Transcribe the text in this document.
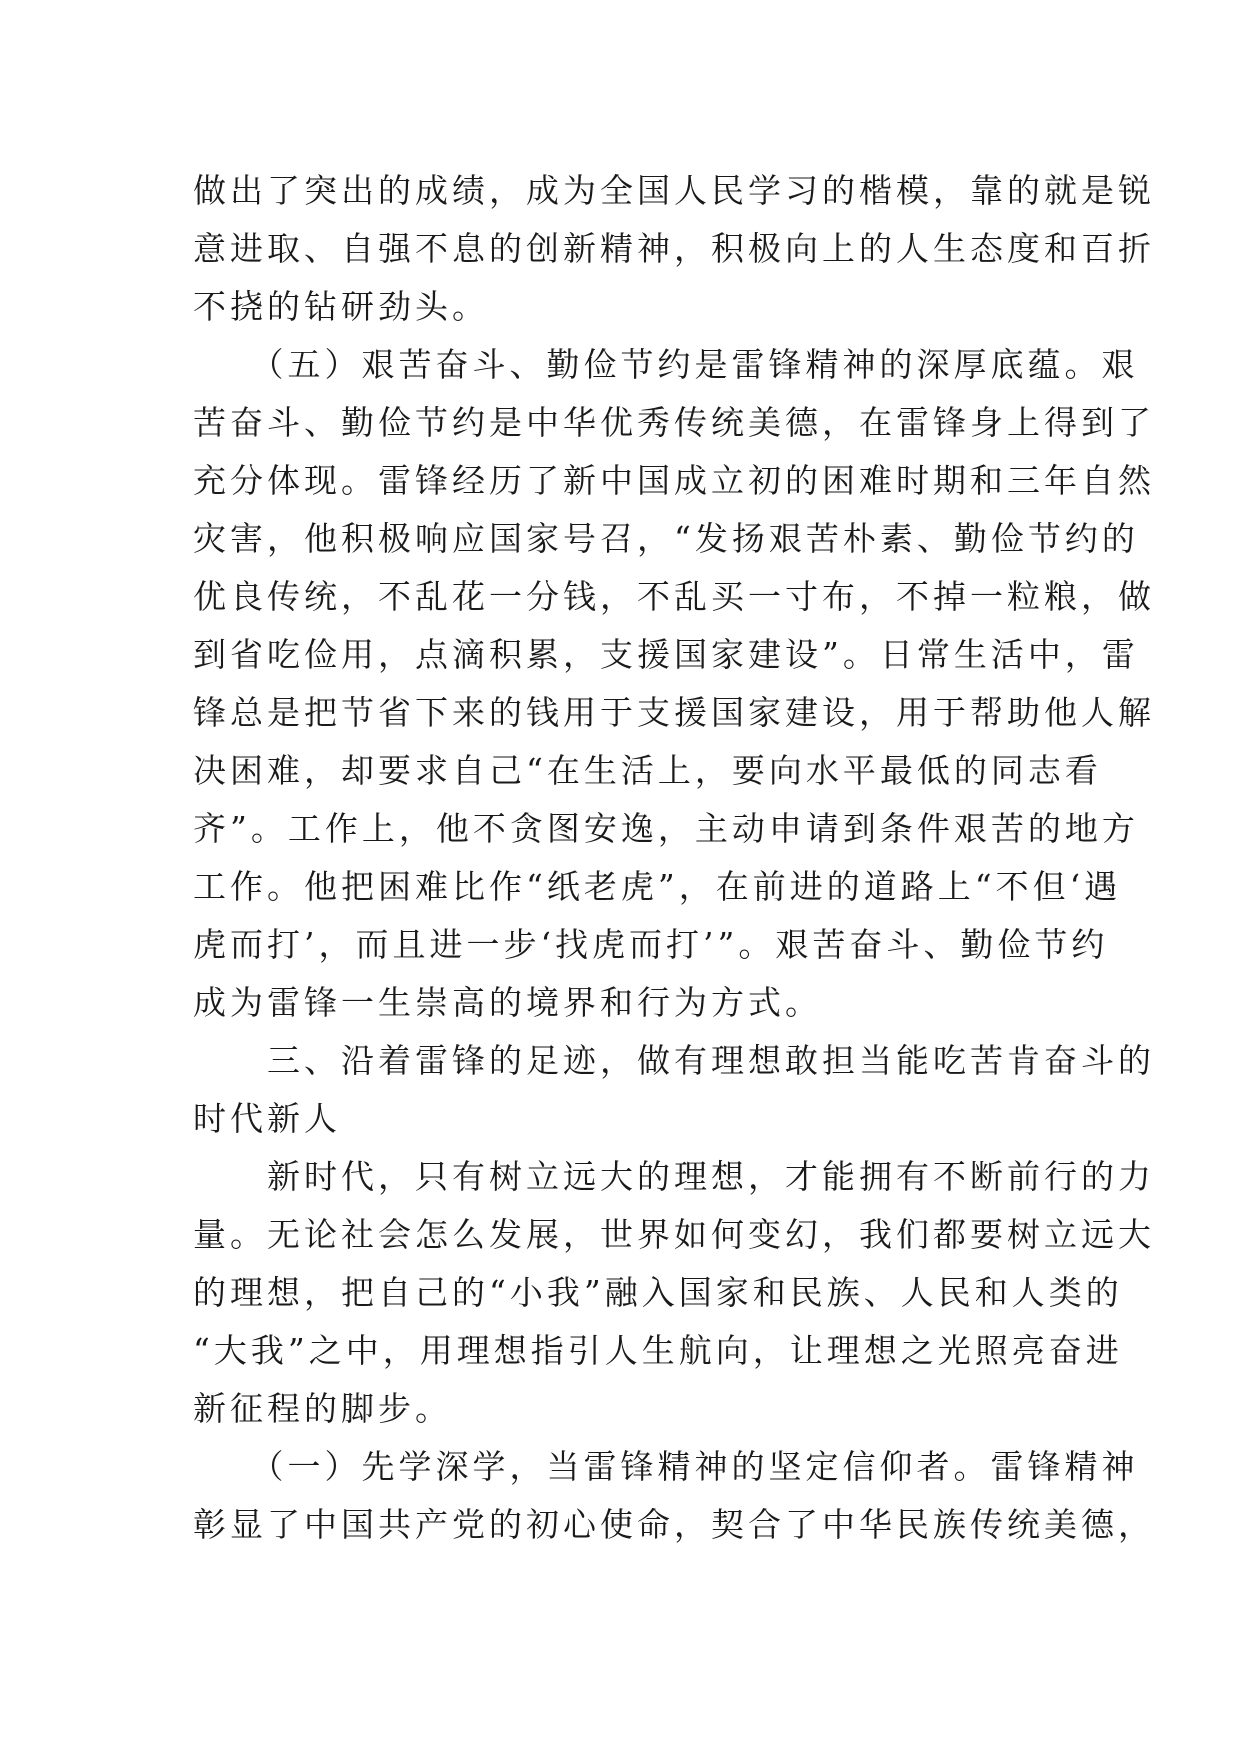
做出了突出的成绩，成为全国人民学习的楷模，靠的就是锐
意进取、自强不息的创新精神，积极向上的人生态度和百折
不挠的钻研劲头。
　　（五）艰苦奋斗、勤俭节约是雷锋精神的深厚底蕴。艰
苦奋斗、勤俭节约是中华优秀传统美德，在雷锋身上得到了
充分体现。雷锋经历了新中国成立初的困难时期和三年自然
灾害，他积极响应国家号召，“发扬艰苦朴素、勤俭节约的
优良传统，不乱花一分钱，不乱买一寸布，不掉一粒粮，做
到省吃俭用，点滴积累，支援国家建设”。日常生活中，雷
锋总是把节省下来的钱用于支援国家建设，用于帮助他人解
决困难，却要求自己“在生活上，要向水平最低的同志看
齐”。工作上，他不贪图安逸，主动申请到条件艰苦的地方
工作。他把困难比作“纸老虎”，在前进的道路上“不但‘遇
虎而打’，而且进一步‘找虎而打’”。艰苦奋斗、勤俭节约
成为雷锋一生崇高的境界和行为方式。
　　三、沿着雷锋的足迹，做有理想敢担当能吃苦肯奋斗的
时代新人
　　新时代，只有树立远大的理想，才能拥有不断前行的力
量。无论社会怎么发展，世界如何变幻，我们都要树立远大
的理想，把自己的“小我”融入国家和民族、人民和人类的
“大我”之中，用理想指引人生航向，让理想之光照亮奋进
新征程的脚步。
　　（一）先学深学，当雷锋精神的坚定信仰者。雷锋精神
彰显了中国共产党的初心使命，契合了中华民族传统美德，
